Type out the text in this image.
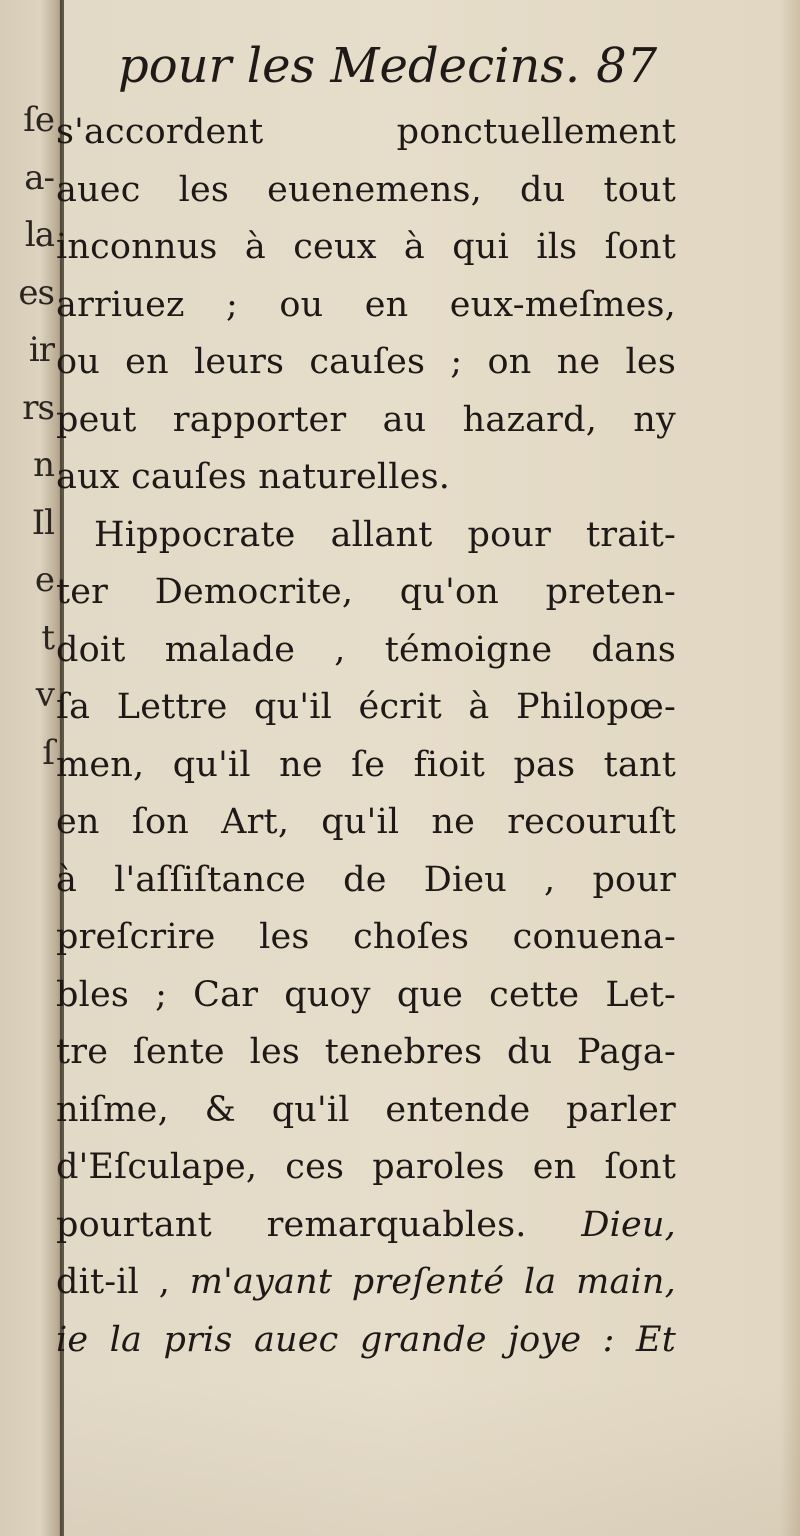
ſe
a-
la
es
ir
rs
n
Il
e
t
v
ſ
pour les Medecins. 87
s'accordent ponctuellement
auec les euenemens, du tout
inconnus à ceux à qui ils ſont
arriuez ; ou en eux-meſmes,
ou en leurs cauſes ; on ne les
peut rapporter au hazard, ny
aux cauſes naturelles.
Hippocrate allant pour trait-
ter Democrite, qu'on preten-
doit malade , témoigne dans
ſa Lettre qu'il écrit à Philopœ-
men, qu'il ne ſe fioit pas tant
en ſon Art, qu'il ne recouruſt
à l'aſſiſtance de Dieu , pour
preſcrire les choſes conuena-
bles ; Car quoy que cette Let-
tre ſente les tenebres du Paga-
niſme, & qu'il entende parler
d'Eſculape, ces paroles en ſont
pourtant remarquables. Dieu,
dit-il , m'ayant preſenté la main,
ie la pris auec grande joye : Et
